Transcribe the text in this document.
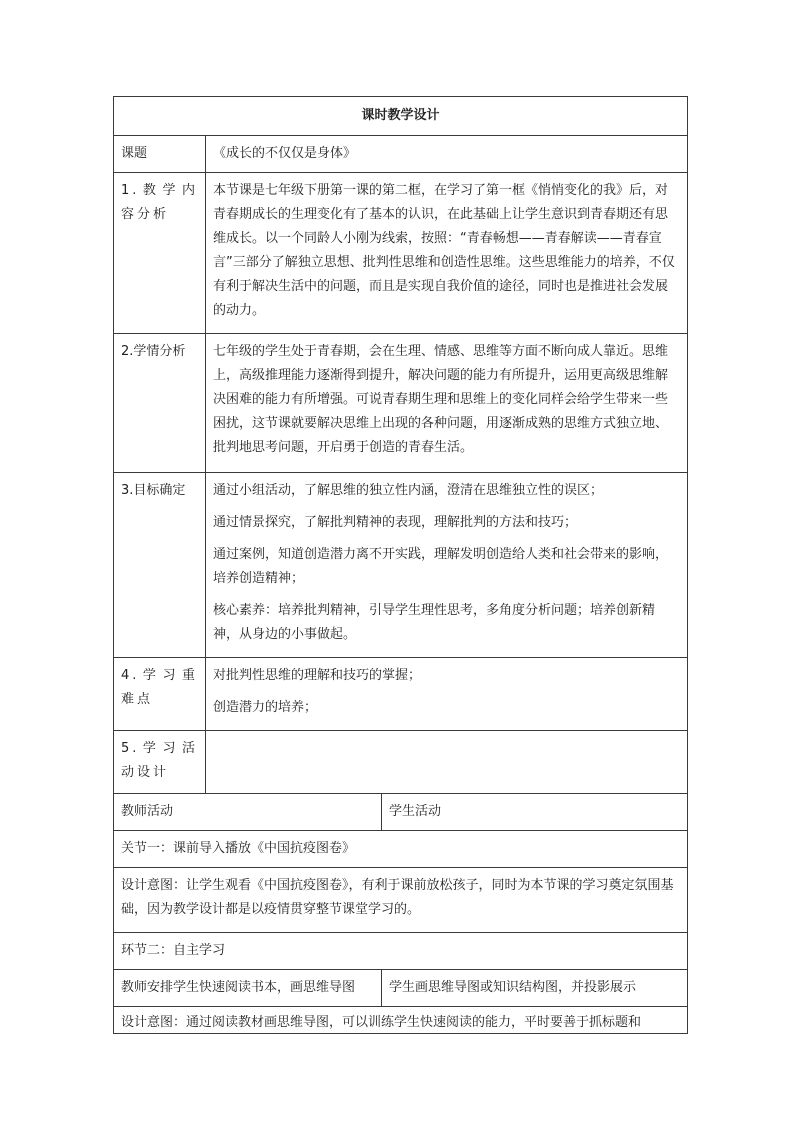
课时教学设计		
课题	《成长的不仅仅是身体》	
1.教学内容分析	本节课是七年级下册第一课的第二框，在学习了第一框《悄悄变化的我》后，对青春期成长的生理变化有了基本的认识，在此基础上让学生意识到青春期还有思维成长。以一个同龄人小刚为线索，按照：“青春畅想——青春解读——青春宣言”三部分了解独立思想、批判性思维和创造性思维。这些思维能力的培养，不仅有利于解决生活中的问题，而且是实现自我价值的途径，同时也是推进社会发展的动力。	
2.学情分析	七年级的学生处于青春期，会在生理、情感、思维等方面不断向成人靠近。思维上，高级推理能力逐渐得到提升，解决问题的能力有所提升，运用更高级思维解决困难的能力有所增强。可说青春期生理和思维上的变化同样会给学生带来一些困扰，这节课就要解决思维上出现的各种问题，用逐渐成熟的思维方式独立地、批判地思考问题，开启勇于创造的青春生活。	
3.目标确定	通过小组活动，了解思维的独立性内涵，澄清在思维独立性的误区；

通过情景探究，了解批判精神的表现，理解批判的方法和技巧；

通过案例，知道创造潜力离不开实践，理解发明创造给人类和社会带来的影响，培养创造精神；

核心素养：培养批判精神，引导学生理性思考，多角度分析问题；培养创新精神，从身边的小事做起。	

4.学习重难点	对批判性思维的理解和技巧的掌握；

创造潜力的培养；	

5.学习活动设计		
教师活动		学生活动
关节一：课前导入播放《中国抗疫图卷》		
设计意图：让学生观看《中国抗疫图卷》，有利于课前放松孩子，同时为本节课的学习奠定氛围基础，因为教学设计都是以疫情贯穿整节课堂学习的。		
环节二：自主学习		
教师安排学生快速阅读书本，画思维导图		学生画思维导图或知识结构图，并投影展示

设计意图：通过阅读教材画思维导图，可以训练学生快速阅读的能力，平时要善于抓标题和		
